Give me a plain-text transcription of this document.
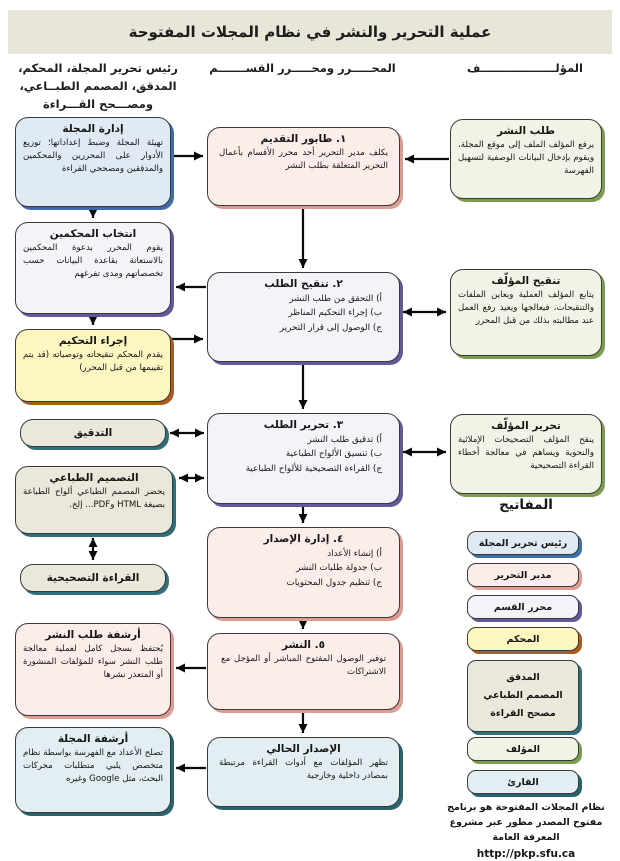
عملية التحرير والنشر في نظام المجلات المفتوحة
المؤلـــــــــــــــــــف
المحـــــرر ومحـــــرر القســـــــم
رئيس تحرير المجلة، المحكم، المدقق، المصمم الطبــاعي، ومصـــحح القـــراءة
طلب النشر
يرفع المؤلف الملف إلى موقع المجلة، ويقوم بإدخال البيانات الوصفية لتسهيل الفهرسة
تنقيح المؤلّف
يتابع المؤلف العملية ويعاين الملفات والتنقيحات، فيعالجها ويعيد رفع العمل عند مطالبته بذلك من قبل المحرر
تحرير المؤلّف
ينقح المؤلف التصحيحات الإملائية والنحوية ويساهم في معالجة أخطاء القراءة التصحيحية
١. طابور التقديم
يكلف مدير التحرير أحد محرر الأقسام بأعمال التحرير المتعلقة بطلب النشر
٢. تنقيح الطلب
أ) التحقق من طلب النشر
ب) إجراء التحكيم المناظر
ج) الوصول إلى قرار التحرير
٣. تحرير الطلب
أ) تدقيق طلب النشر
ب) تنسيق الألواح الطباعية
ج) القراءة التصحيحية للألواح الطباعية
٤. إدارة الإصدار
أ) إنشاء الأعداد
ب) جدولة طلبات النشر
ج) تنظيم جدول المحتويات
٥. النشر
توفير الوصول المفتوح المباشر أو المؤجل مع الاشتراكات
الإصدار الحالي
تظهر المؤلفات مع أدوات القراءة مرتبطة بمصادر داخلية وخارجية
إدارة المجلة
تهيئة المجلة وضبط إعداداتها؛ توزيع الأدوار على المحررين والمحكمين والمدققين ومصححي القراءة
انتخاب المحكمين
يقوم المحرر بدعوة المحكمين بالاستعانة بقاعدة البيانات حسب تخصصاتهم ومدى تفرغهم
إجراء التحكيم
يقدم المحكم تنقيحاته وتوصياته (قد يتم تقييمها من قبل المحرر)
التدقيق
التصميم الطباعي
يحضر المصمم الطباعي ألواح الطباعة بصيغة HTML وPDF... إلخ.
القراءة التصحيحية
أرشفة طلب النشر
يُحتفظ بسجل كامل لعملية معالجة طلب النشر سواء للمؤلفات المنشورة أو المتعذر نشرها
أرشفة المجلة
تصلح الأعداد مع الفهرسة بواسطة نظام متخصص يلبي متطلبات محركات البحث، مثل Google وغيره
المفاتيح
رئيس تحرير المجلة
مدير التحرير
محرر القسم
المحكم
المدقق
المصمم الطباعي
مصحح القراءة
المؤلف
القارئ
نظام المجلات المفتوحة هو برنامج مفتوح المصدر مطور عبر مشروع المعرفة العامة
http://pkp.sfu.ca
